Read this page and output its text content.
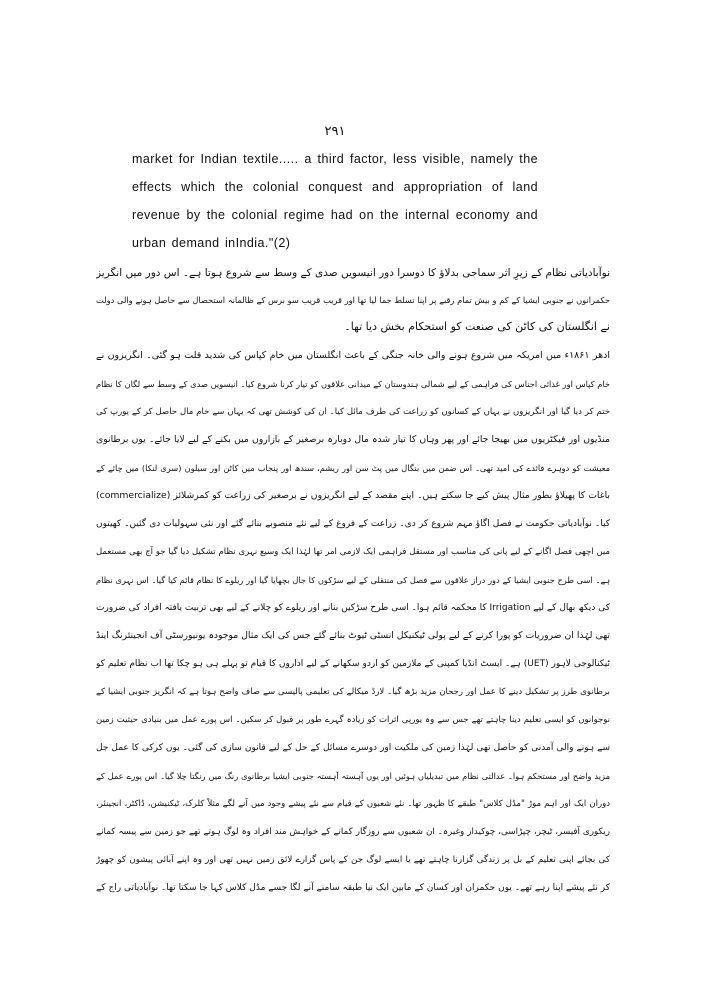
۲۹۱
market for Indian textile..... a third factor, less visible, namely the
effects which the colonial conquest and appropriation of land
revenue by the colonial regime had on the internal economy and
urban demand inIndia."(2)
نوآبادیاتی نظام کے زیرِ اثر سماجی بدلاؤ کا دوسرا دور انیسویں صدی کے وسط سے شروع ہوتا ہے۔ اس دور میں انگریز
حکمرانوں نے جنوبی ایشیا کے کم و بیش تمام رقبے پر اپنا تسلط جما لیا تھا اور قریب قریب سو برس کے ظالمانہ استحصال سے حاصل ہونے والی دولت
نے انگلستان کی کاٹن کی صنعت کو استحکام بخش دیا تھا۔
ادھر ۱۸۶۱ء میں امریکہ میں شروع ہونے والی خانہ جنگی کے باعث انگلستان میں خام کپاس کی شدید قلت ہو گئی۔ انگریزوں نے
خام کپاس اور غذائی اجناس کی فراہمی کے لیے شمالی ہندوستان کے میدانی علاقوں کو تیار کرنا شروع کیا۔ انیسویں صدی کے وسط سے لگان کا نظام
ختم کر دیا گیا اور انگریزوں نے یہاں کے کسانوں کو زراعت کی طرف مائل کیا۔ ان کی کوشش تھی کہ یہاں سے خام مال حاصل کر کے یورپ کی
منڈیوں اور فیکٹریوں میں بھیجا جائے اور پھر وہاں کا تیار شدہ مال دوبارہ برصغیر کے بازاروں میں بکنے کے لیے لایا جائے۔ یوں برطانوی
معیشت کو دوہرے فائدے کی امید تھی۔ اس ضمن میں بنگال میں پٹ سن اور ریشم، سندھ اور پنجاب میں کاٹن اور سیلون (سری لنکا) میں چائے کے
باغات کا پھیلاؤ بطور مثال پیش کیے جا سکتے ہیں۔ اپنے مقصد کے لیے انگریزوں نے برصغیر کی زراعت کو کمرشلائز (commercialize)
کیا۔ نوآبادیاتی حکومت نے فصل اگاؤ مہم شروع کر دی۔ زراعت کے فروغ کے لیے نئے منصوبے بنائے گئے اور نئی سہولیات دی گئیں۔ کھیتوں
میں اچھی فصل اگانے کے لیے پانی کی مناسب اور مستقل فراہمی ایک لازمی امر تھا لہٰذا ایک وسیع نہری نظام تشکیل دیا گیا جو آج بھی مستعمل
ہے۔ اسی طرح جنوبی ایشیا کے دور دراز علاقوں سے فصل کی منتقلی کے لیے سڑکوں کا جال بچھایا گیا اور ریلوے کا نظام قائم کیا گیا۔ اس نہری نظام
کی دیکھ بھال کے لیے Irrigation کا محکمہ قائم ہوا۔ اسی طرح سڑکیں بنانے اور ریلوے کو چلانے کے لیے بھی تربیت یافتہ افراد کی ضرورت
تھی لہٰذا ان ضروریات کو پورا کرنے کے لیے پولی ٹیکنیکل انسٹی ٹیوٹ بنائے گئے جس کی ایک مثال موجودہ یونیورسٹی آف انجینئرنگ اینڈ
ٹیکنالوجی لاہور (UET) ہے۔ ایسٹ انڈیا کمپنی کے ملازمین کو اردو سکھانے کے لیے اداروں کا قیام تو پہلے ہی ہو چکا تھا اب نظام تعلیم کو
برطانوی طرز پر تشکیل دینے کا عمل اور رجحان مزید بڑھ گیا۔ لارڈ میکالے کی تعلیمی پالیسی سے صاف واضح ہوتا ہے کہ انگریز جنوبی ایشیا کے
نوجوانوں کو ایسی تعلیم دینا چاہتے تھے جس سے وہ یورپی اثرات کو زیادہ گہرے طور پر قبول کر سکیں۔ اس پورے عمل میں بنیادی حیثیت زمین
سے ہونے والی آمدنی کو حاصل تھی لہٰذا زمین کی ملکیت اور دوسرے مسائل کے حل کے لیے قانون سازی کی گئی۔ یوں کرکی کا عمل جل
مزید واضح اور مستحکم ہوا۔ عدالتی نظام میں تبدیلیاں ہوئیں اور یوں آہستہ آہستہ جنوبی ایشیا برطانوی رنگ میں رنگتا چلا گیا۔ اس پورے عمل کے
دوران ایک اور اہم موڑ "مڈل کلاس" طبقے کا ظہور تھا۔ نئے شعبوں کے قیام سے نئے پیشے وجود میں آنے لگے مثلاً کلرک، ٹیکنیشن، ڈاکٹر، انجینئر،
ریکوری آفیسر، ٹیچر، چپڑاسی، چوکیدار وغیرہ۔ ان شعبوں سے روزگار کمانے کے خواہش مند افراد وہ لوگ ہوتے تھے جو زمین سے پیسہ کمانے
کی بجائے اپنی تعلیم کے بل پر زندگی گزارنا چاہتے تھے یا ایسے لوگ جن کے پاس گزارے لائق زمین نہیں تھی اور وہ اپنے آبائی پیشوں کو چھوڑ
کر نئے پیشے اپنا رہے تھے۔ یوں حکمران اور کسان کے مابین ایک نیا طبقہ سامنے آنے لگا جسے مڈل کلاس کہا جا سکتا تھا۔ نوآبادیاتی راج کے
